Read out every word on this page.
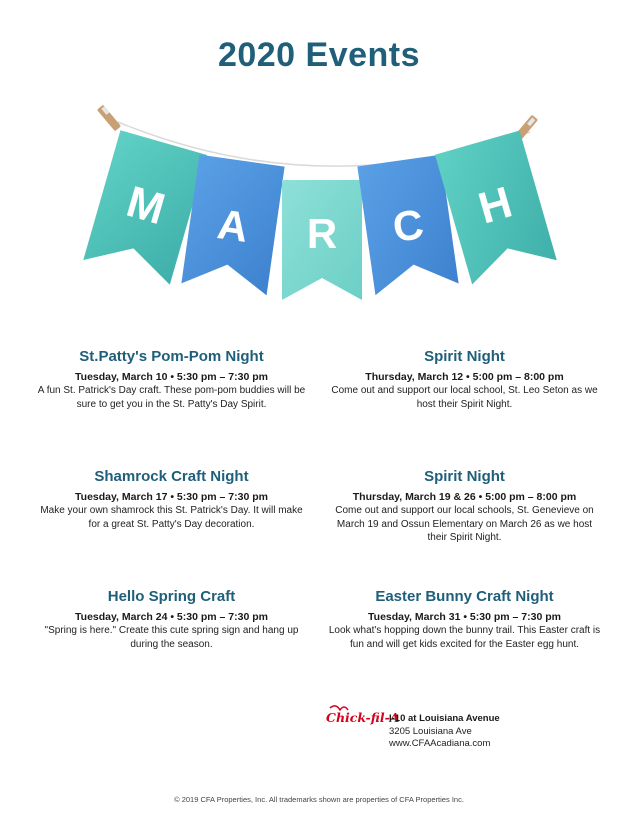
2020 Events
M A R C H
St.Patty's Pom-Pom Night
Tuesday, March 10 • 5:30 pm – 7:30 pm
A fun St. Patrick's Day craft. These pom-pom buddies will be sure to get you in the St. Patty's Day Spirit.
Spirit Night
Thursday, March 12 • 5:00 pm – 8:00 pm
Come out and support our local school, St. Leo Seton as we host their Spirit Night.
Shamrock Craft Night
Tuesday, March 17 • 5:30 pm – 7:30 pm
Make your own shamrock this St. Patrick's Day. It will make for a great St. Patty's Day decoration.
Spirit Night
Thursday, March 19 & 26 • 5:00 pm – 8:00 pm
Come out and support our local schools, St. Genevieve on March 19 and Ossun Elementary on March 26 as we host their Spirit Night.
Hello Spring Craft
Tuesday, March 24 • 5:30 pm – 7:30 pm
"Spring is here." Create this cute spring sign and hang up during the season.
Easter Bunny Craft Night
Tuesday, March 31 • 5:30 pm – 7:30 pm
Look what's hopping down the bunny trail. This Easter craft is fun and will get kids excited for the Easter egg hunt.
Chick-fil-A
I-10 at Louisiana Avenue
3205 Louisiana Ave
www.CFAAcadiana.com
© 2019 CFA Properties, Inc. All trademarks shown are properties of CFA Properties Inc.
